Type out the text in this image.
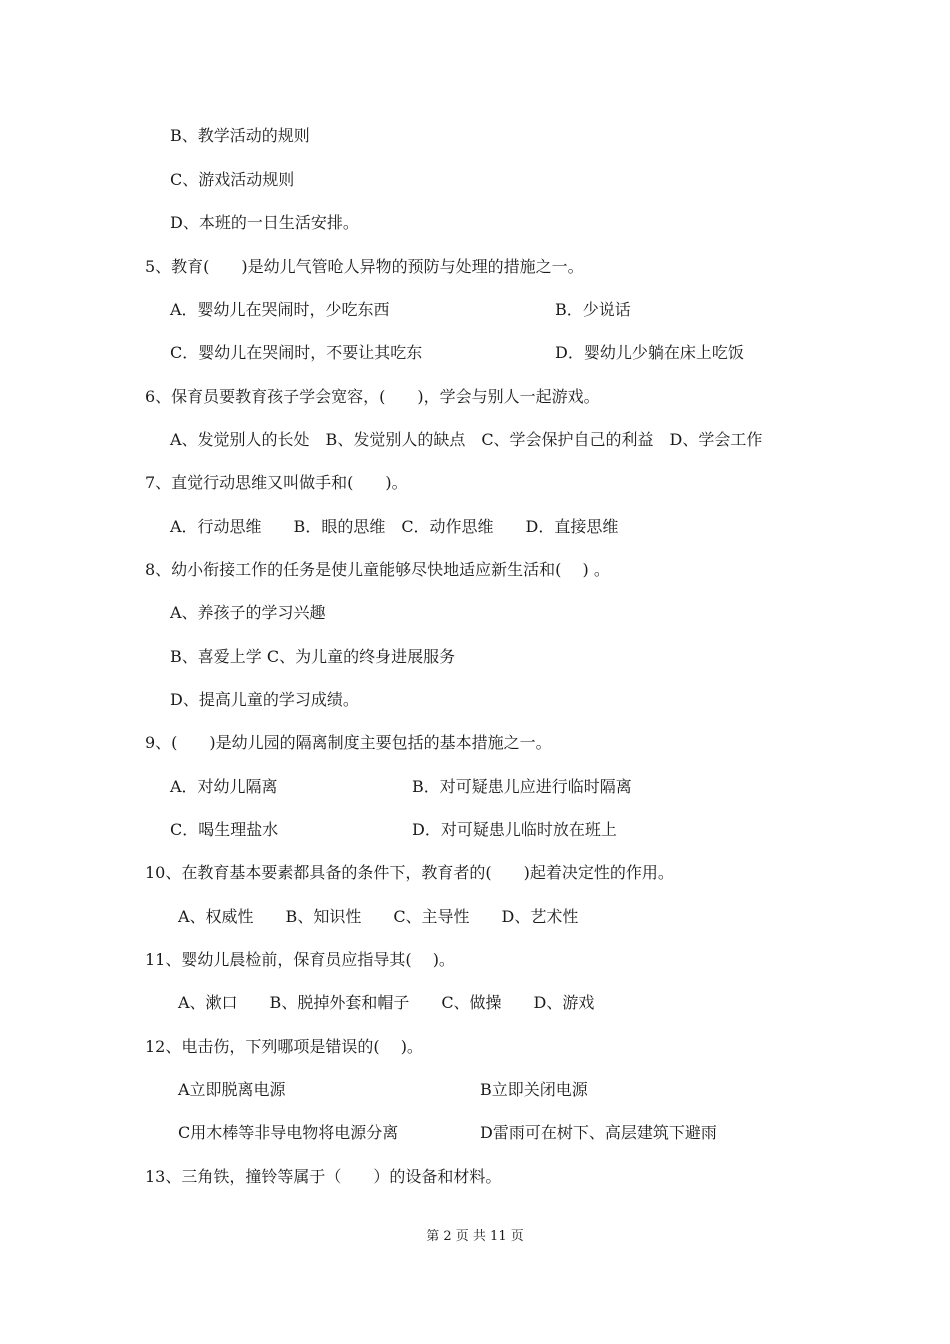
B、教学活动的规则
C、游戏活动规则
D、本班的一日生活安排。
5、教育(　　)是幼儿气管呛人异物的预防与处理的措施之一。
A．婴幼儿在哭闹时，少吃东西	B．少说话
C．婴幼儿在哭闹时，不要让其吃东	D．婴幼儿少躺在床上吃饭
6、保育员要教育孩子学会宽容，(　　)，学会与别人一起游戏。
A、发觉别人的长处　B、发觉别人的缺点　C、学会保护自己的利益　D、学会工作
7、直觉行动思维又叫做手和(　　)。
A．行动思维　　B．眼的思维　C．动作思维　　D．直接思维
8、幼小衔接工作的任务是使儿童能够尽快地适应新生活和(　 ) 。
A、养孩子的学习兴趣
B、喜爱上学 C、为儿童的终身进展服务
D、提高儿童的学习成绩。
9、(　　)是幼儿园的隔离制度主要包括的基本措施之一。
A．对幼儿隔离	B．对可疑患儿应进行临时隔离
C．喝生理盐水	D．对可疑患儿临时放在班上
10、在教育基本要素都具备的条件下，教育者的(　　)起着决定性的作用。
A、权威性　　B、知识性　　C、主导性　　D、艺术性
11、婴幼儿晨检前，保育员应指导其(　 )。
A、漱口　　B、脱掉外套和帽子　　C、做操　　D、游戏
12、电击伤，下列哪项是错误的(　 )。
A立即脱离电源	B立即关闭电源
C用木棒等非导电物将电源分离	D雷雨可在树下、高层建筑下避雨
13、三角铁，撞铃等属于（　　）的设备和材料。
第 2 页 共 11 页
